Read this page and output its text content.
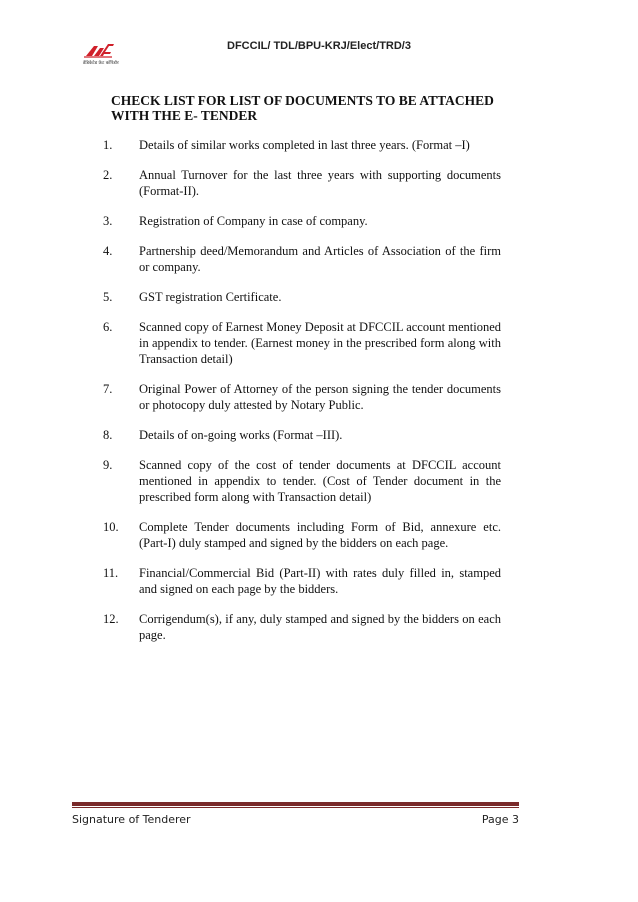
डेडिकेटेड फ्रेट कॉरिडोर
DFCCIL/ TDL/BPU-KRJ/Elect/TRD/3
CHECK LIST FOR LIST OF DOCUMENTS TO BE ATTACHED WITH THE E- TENDER
1.	Details of similar works completed in last three years. (Format –I)
2.	Annual Turnover for the last three years with supporting documents (Format-II).
3.	Registration of Company in case of company.
4.	Partnership deed/Memorandum and Articles of Association of the firm or company.
5.	GST registration Certificate.
6.	Scanned copy of Earnest Money Deposit at DFCCIL account mentioned in appendix to tender. (Earnest money in the prescribed form along with Transaction detail)
7.	Original Power of Attorney of the person signing the tender documents or photocopy duly attested by Notary Public.
8.	Details of on-going works (Format –III).
9.	Scanned copy of the cost of tender documents at DFCCIL account mentioned in appendix to tender. (Cost of Tender document in the prescribed form along with Transaction detail)
10.	Complete Tender documents including Form of Bid, annexure etc. (Part-I) duly stamped and signed by the bidders on each page.
11.	Financial/Commercial Bid (Part-II) with rates duly filled in, stamped and signed on each page by the bidders.
12.	Corrigendum(s), if any, duly stamped and signed by the bidders on each page.
Signature of Tenderer	Page 3
